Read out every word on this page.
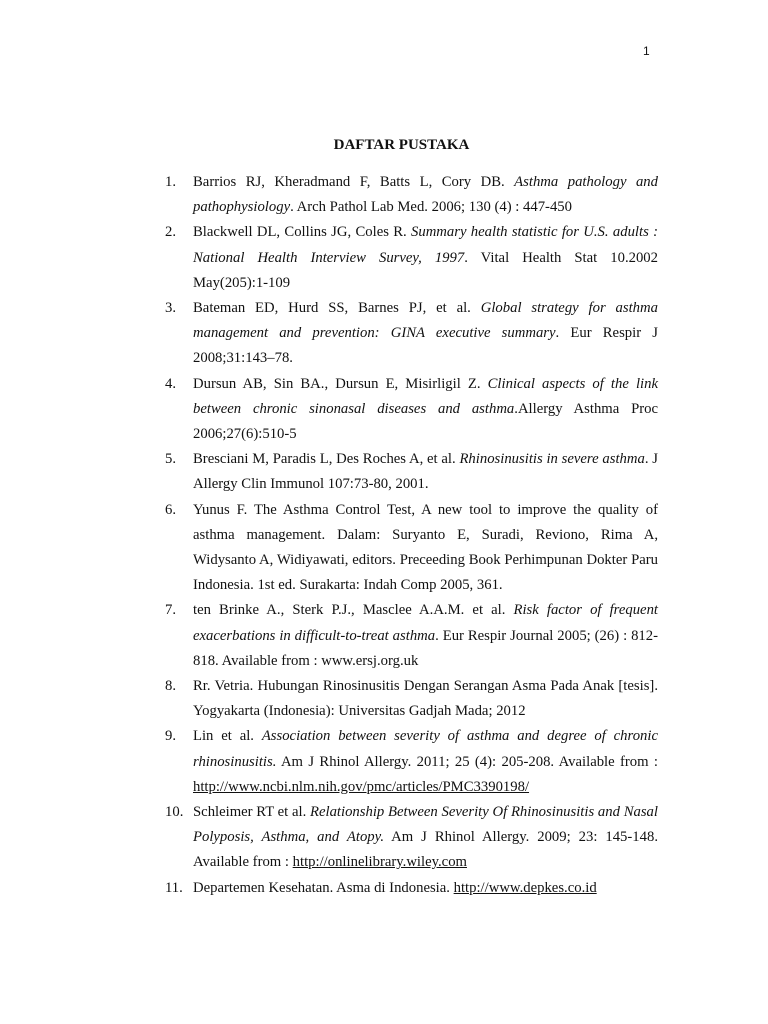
1
DAFTAR PUSTAKA
1. Barrios RJ, Kheradmand F, Batts L, Cory DB. Asthma pathology and pathophysiology. Arch Pathol Lab Med. 2006; 130 (4) : 447-450
2. Blackwell DL, Collins JG, Coles R. Summary health statistic for U.S. adults : National Health Interview Survey, 1997. Vital Health Stat 10.2002 May(205):1-109
3. Bateman ED, Hurd SS, Barnes PJ, et al. Global strategy for asthma management and prevention: GINA executive summary. Eur Respir J 2008;31:143–78.
4. Dursun AB, Sin BA., Dursun E, Misirligil Z. Clinical aspects of the link between chronic sinonasal diseases and asthma.Allergy Asthma Proc 2006;27(6):510-5
5. Bresciani M, Paradis L, Des Roches A, et al. Rhinosinusitis in severe asthma. J Allergy Clin Immunol 107:73-80, 2001.
6. Yunus F. The Asthma Control Test, A new tool to improve the quality of asthma management. Dalam: Suryanto E, Suradi, Reviono, Rima A, Widysanto A, Widiyawati, editors. Preceeding Book Perhimpunan Dokter Paru Indonesia. 1st ed. Surakarta: Indah Comp 2005, 361.
7. ten Brinke A., Sterk P.J., Masclee A.A.M. et al. Risk factor of frequent exacerbations in difficult-to-treat asthma. Eur Respir Journal 2005; (26) : 812-818. Available from : www.ersj.org.uk
8. Rr. Vetria. Hubungan Rinosinusitis Dengan Serangan Asma Pada Anak [tesis]. Yogyakarta (Indonesia): Universitas Gadjah Mada; 2012
9. Lin et al. Association between severity of asthma and degree of chronic rhinosinusitis. Am J Rhinol Allergy. 2011; 25 (4): 205-208. Available from : http://www.ncbi.nlm.nih.gov/pmc/articles/PMC3390198/
10. Schleimer RT et al. Relationship Between Severity Of Rhinosinusitis and Nasal Polyposis, Asthma, and Atopy. Am J Rhinol Allergy. 2009; 23: 145-148. Available from : http://onlinelibrary.wiley.com
11. Departemen Kesehatan. Asma di Indonesia. http://www.depkes.co.id
